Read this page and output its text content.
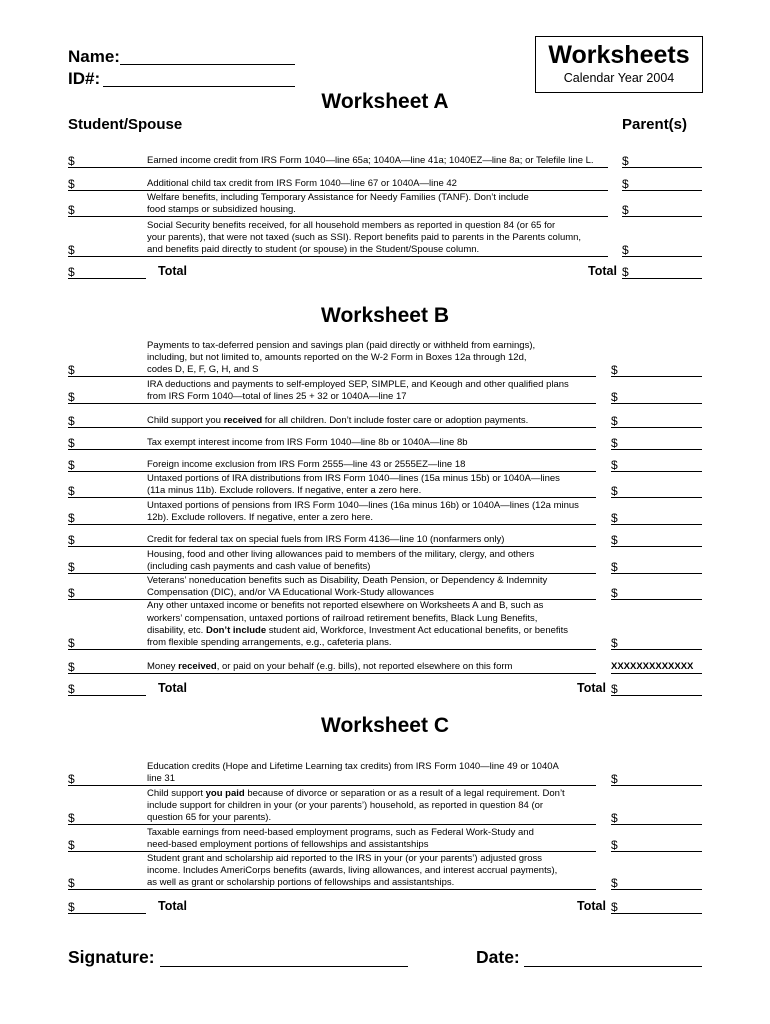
Name:
ID#:
Worksheets
Calendar Year 2004
Worksheet A
Student/Spouse	Parent(s)
Earned income credit from IRS Form 1040—line 65a; 1040A—line 41a; 1040EZ—line 8a; or Telefile line L.
$	$
Additional child tax credit from IRS Form 1040—line 67 or 1040A—line 42
$	$
Welfare benefits, including Temporary Assistance for Needy Families (TANF). Don’t include
food stamps or subsidized housing.
$	$
Social Security benefits received, for all household members as reported in question 84 (or 65 for
your parents), that were not taxed (such as SSI). Report benefits paid to parents in the Parents column,
and benefits paid directly to student (or spouse) in the Student/Spouse column.
$	$
$	Total	Total $
Worksheet B
Payments to tax-deferred pension and savings plan (paid directly or withheld from earnings),
including, but not limited to, amounts reported on the W-2 Form in Boxes 12a through 12d,
codes D, E, F, G, H, and S
$	$
IRA deductions and payments to self-employed SEP, SIMPLE, and Keough and other qualified plans
from IRS Form 1040—total of lines 25 + 32 or 1040A—line 17
$	$
Child support you received for all children. Don’t include foster care or adoption payments.
$	$
Tax exempt interest income from IRS Form 1040—line 8b or 1040A—line 8b
$	$
Foreign income exclusion from IRS Form 2555—line 43 or 2555EZ—line 18
$	$
Untaxed portions of IRA distributions from IRS Form 1040—lines (15a minus 15b) or 1040A—lines
(11a minus 11b). Exclude rollovers. If negative, enter a zero here.
$	$
Untaxed portions of pensions from IRS Form 1040—lines (16a minus 16b) or 1040A—lines (12a minus
12b). Exclude rollovers. If negative, enter a zero here.
$	$
Credit for federal tax on special fuels from IRS Form 4136—line 10 (nonfarmers only)
$	$
Housing, food and other living allowances paid to members of the military, clergy, and others
(including cash payments and cash value of benefits)
$	$
Veterans’ noneducation benefits such as Disability, Death Pension, or Dependency & Indemnity
Compensation (DIC), and/or VA Educational Work-Study allowances
$	$
Any other untaxed income or benefits not reported elsewhere on Worksheets A and B, such as
workers’ compensation, untaxed portions of railroad retirement benefits, Black Lung Benefits,
disability, etc. Don’t include student aid, Workforce, Investment Act educational benefits, or benefits
from flexible spending arrangements, e.g., cafeteria plans.
$	$
Money received, or paid on your behalf (e.g. bills), not reported elsewhere on this form
$	XXXXXXXXXXXXX
$	Total	Total $
Worksheet C
Education credits (Hope and Lifetime Learning tax credits) from IRS Form 1040—line 49 or 1040A
line 31
$	$
Child support you paid because of divorce or separation or as a result of a legal requirement. Don’t
include support for children in your (or your parents’) household, as reported in question 84 (or
question 65 for your parents).
$	$
Taxable earnings from need-based employment programs, such as Federal Work-Study and
need-based employment portions of fellowships and assistantships
$	$
Student grant and scholarship aid reported to the IRS in your (or your parents’) adjusted gross
income. Includes AmeriCorps benefits (awards, living allowances, and interest accrual payments),
as well as grant or scholarship portions of fellowships and assistantships.
$	$
$	Total	Total $
Signature:	Date:
